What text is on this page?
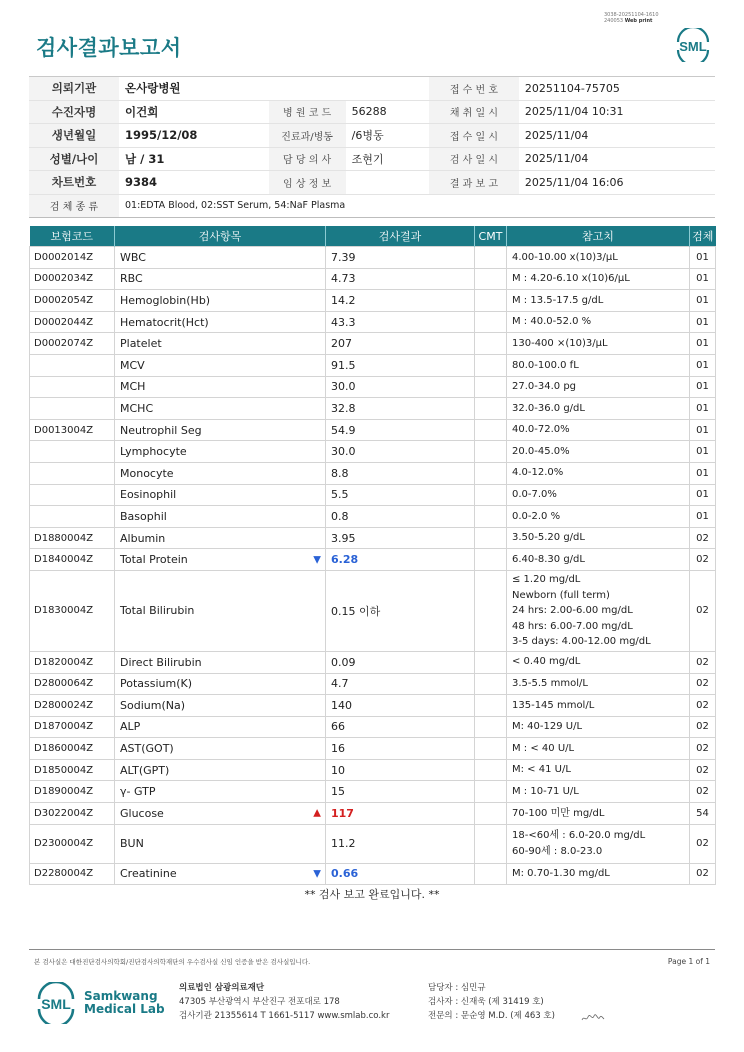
검사결과보고서
3038-20251104-1610
240053 Web print
SML
의뢰기관	온사랑병원			접 수 번 호	20251104-75705
수진자명	이건희	병 원 코 드	56288	채 취 일 시	2025/11/04 10:31
생년월일	1995/12/08	진료과/병동	/6병동	접 수 일 시	2025/11/04
성별/나이	남 / 31	담 당 의 사	조현기	검 사 일 시	2025/11/04
차트번호	9384	임 상 정 보		결 과 보 고	2025/11/04 16:06
검 체 종 류	01:EDTA Blood, 02:SST Serum, 54:NaF Plasma				
보험코드	검사항목	검사결과	CMT	참고치	검체
D0002014Z	WBC	7.39		4.00-10.00 x(10)3/μL	01
D0002034Z	RBC	4.73		M : 4.20-6.10 x(10)6/μL	01
D0002054Z	Hemoglobin(Hb)	14.2		M : 13.5-17.5 g/dL	01
D0002044Z	Hematocrit(Hct)	43.3		M : 40.0-52.0 %	01
D0002074Z	Platelet	207		130-400 ×(10)3/μL	01
	MCV	91.5		80.0-100.0 fL	01
	MCH	30.0		27.0-34.0 pg	01
	MCHC	32.8		32.0-36.0 g/dL	01
D0013004Z	Neutrophil Seg	54.9		40.0-72.0%	01
	Lymphocyte	30.0		20.0-45.0%	01
	Monocyte	8.8		4.0-12.0%	01
	Eosinophil	5.5		0.0-7.0%	01
	Basophil	0.8		0.0-2.0 %	01
D1880004Z	Albumin	3.95		3.50-5.20 g/dL	02
D1840004Z	Total Protein ▼	6.28		6.40-8.30 g/dL	02
D1830004Z	Total Bilirubin	0.15 이하		≤ 1.20 mg/dL
Newborn (full term)
24 hrs: 2.00-6.00 mg/dL
48 hrs: 6.00-7.00 mg/dL
3-5 days: 4.00-12.00 mg/dL	02
D1820004Z	Direct Bilirubin	0.09		< 0.40 mg/dL	02
D2800064Z	Potassium(K)	4.7		3.5-5.5 mmol/L	02
D2800024Z	Sodium(Na)	140		135-145 mmol/L	02
D1870004Z	ALP	66		M: 40-129 U/L	02
D1860004Z	AST(GOT)	16		M : < 40 U/L	02
D1850004Z	ALT(GPT)	10		M: < 41 U/L	02
D1890004Z	γ- GTP	15		M : 10-71 U/L	02
D3022004Z	Glucose ▲	117		70-100 미만 mg/dL	54
D2300004Z	BUN	11.2		18-<60세 : 6.0-20.0 mg/dL
60-90세 : 8.0-23.0	02
D2280004Z	Creatinine ▼	0.66		M: 0.70-1.30 mg/dL	02
** 검사 보고 완료입니다. **
본 검사실은 대한진단검사의학회/진단검사의학재단의 우수검사실 신임 인증을 받은 검사실입니다.	Page 1 of 1
SML Samkwang
Medical Lab
의료법인 삼광의료재단
47305 부산광역시 부산진구 전포대로 178
검사기관 21355614 T 1661-5117 www.smlab.co.kr
담당자 : 심민규
검사자 : 신재욱 (제 31419 호)
전문의 : 문순영 M.D. (제 463 호)
